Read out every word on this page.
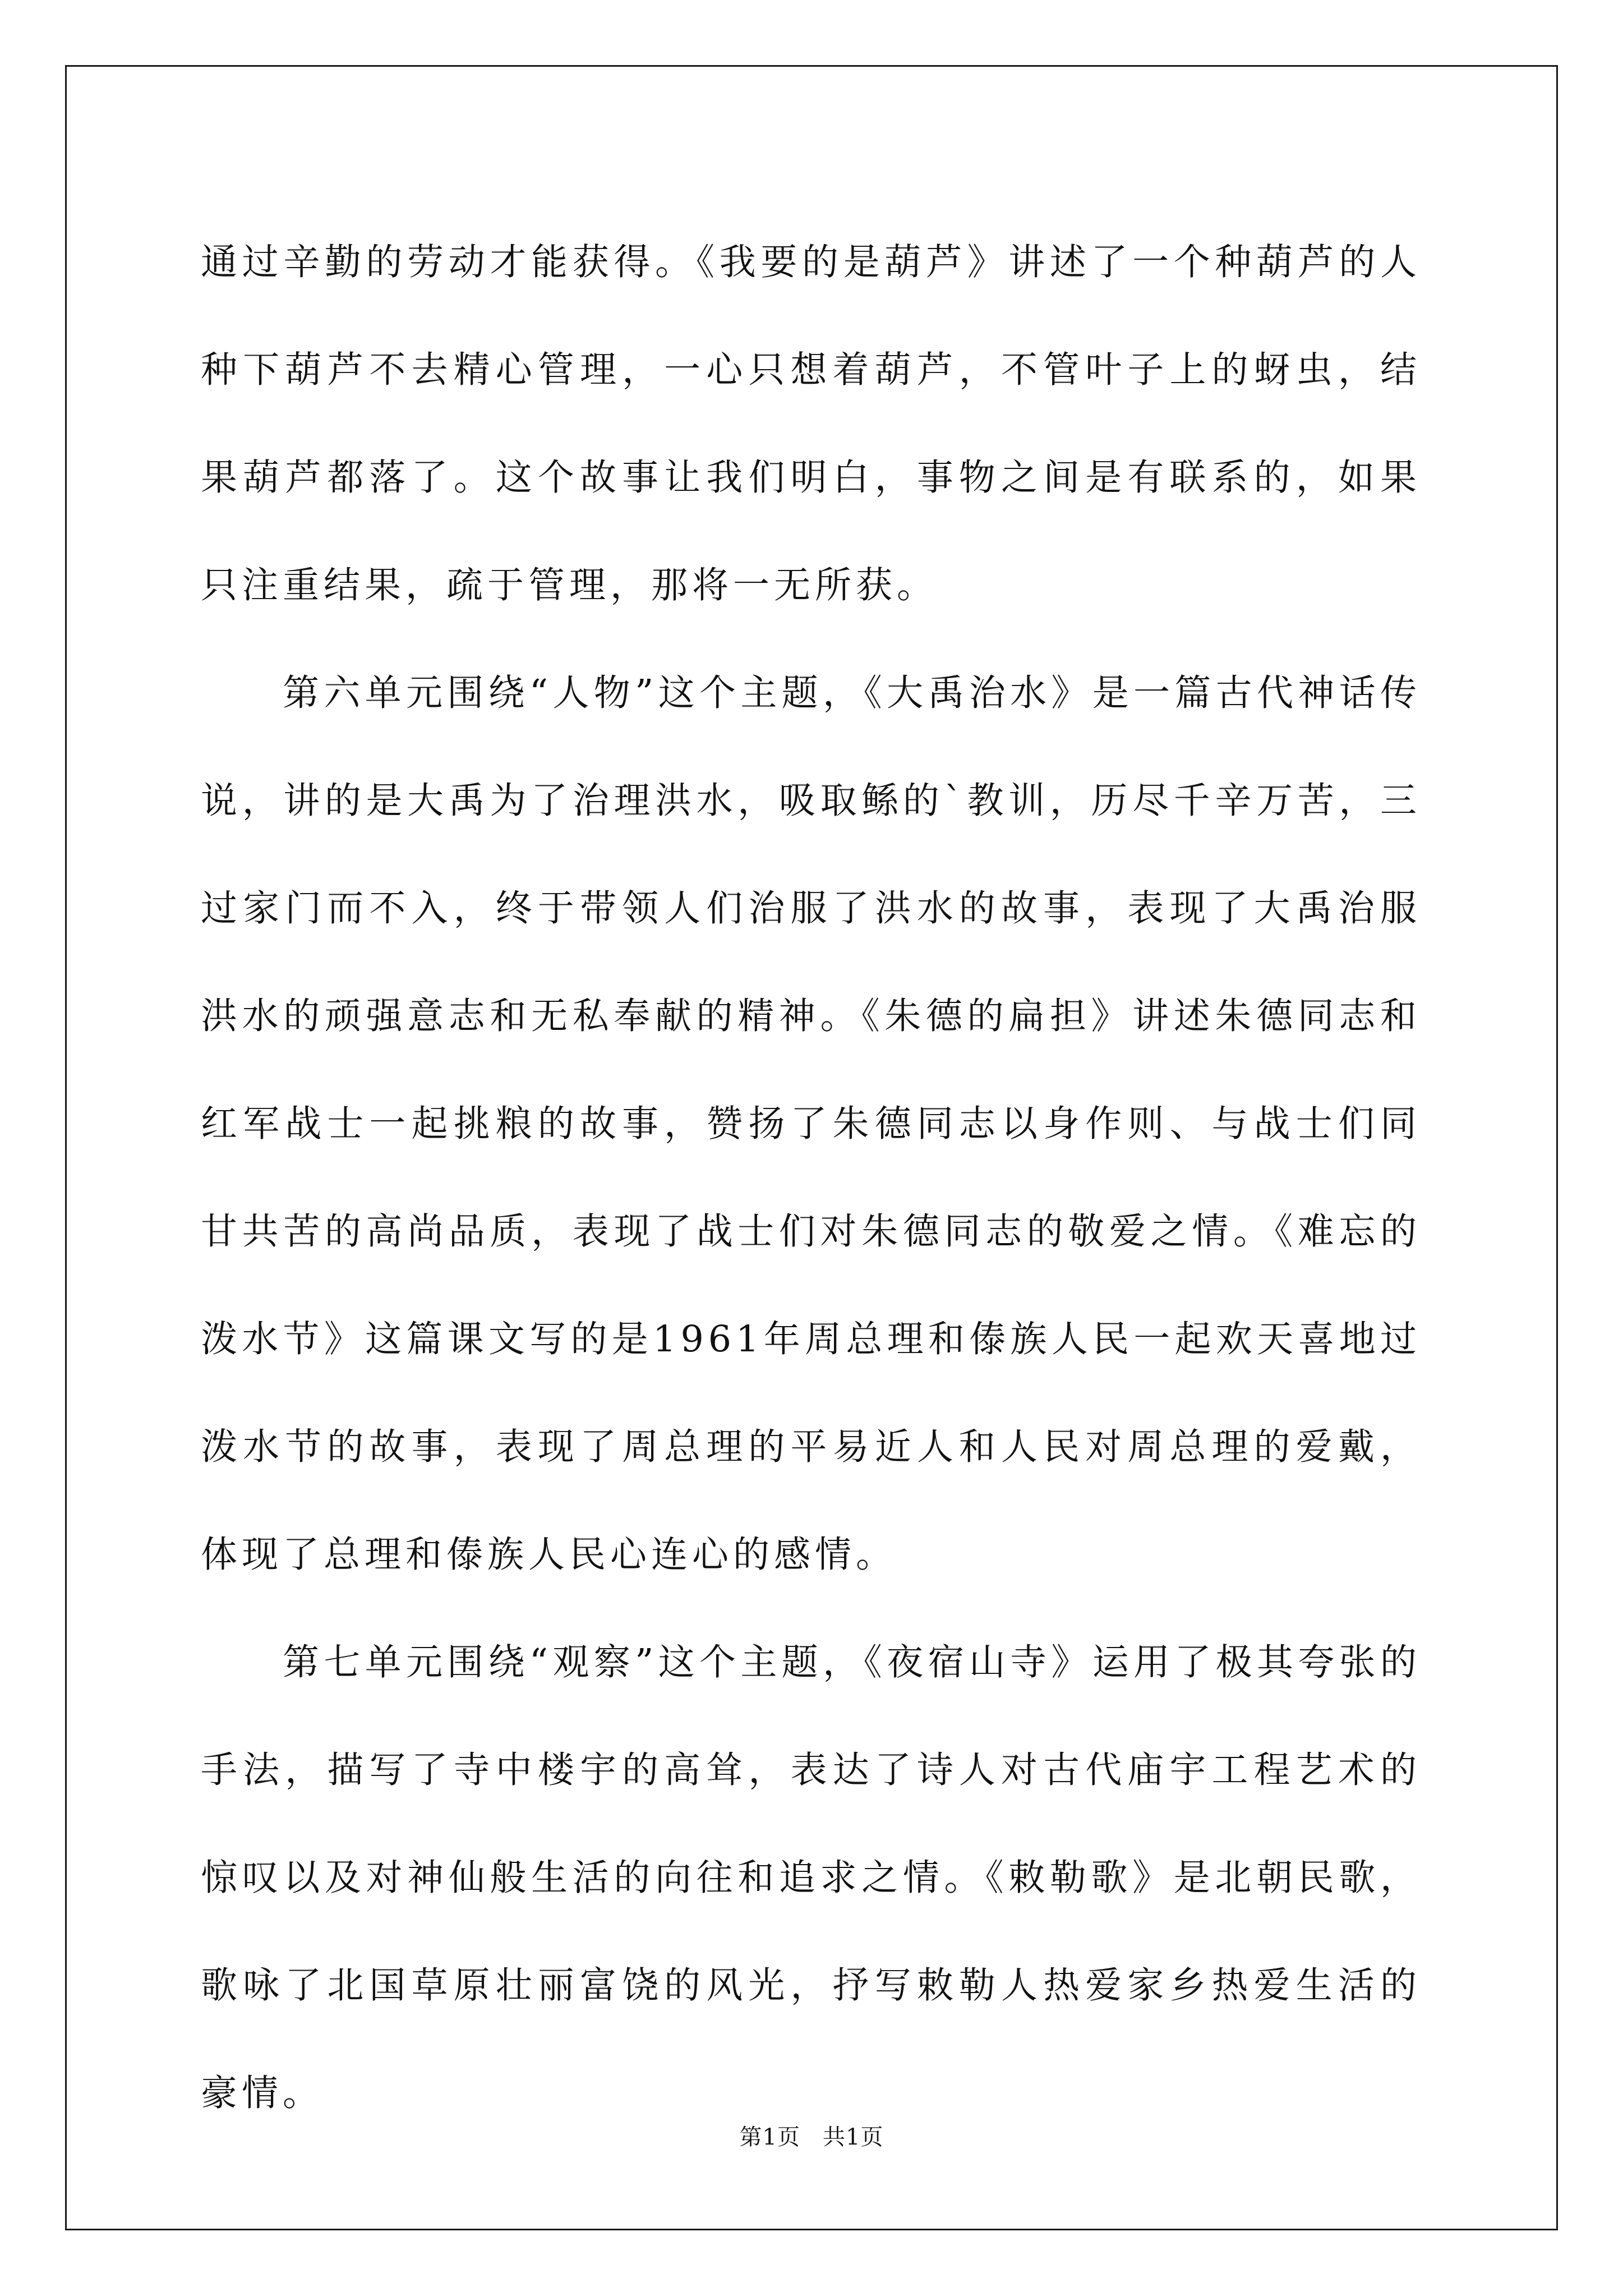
通过辛勤的劳动才能获得。《我要的是葫芦》讲述了一个种葫芦的人种下葫芦不去精心管理，一心只想着葫芦，不管叶子上的蚜虫，结果葫芦都落了。这个故事让我们明白，事物之间是有联系的，如果只注重结果，疏于管理，那将一无所获。

第六单元围绕“人物”这个主题，《大禹治水》是一篇古代神话传说，讲的是大禹为了治理洪水，吸取鲧的`教训，历尽千辛万苦，三过家门而不入，终于带领人们治服了洪水的故事，表现了大禹治服洪水的顽强意志和无私奉献的精神。《朱德的扁担》讲述朱德同志和红军战士一起挑粮的故事，赞扬了朱德同志以身作则、与战士们同甘共苦的高尚品质，表现了战士们对朱德同志的敬爱之情。《难忘的泼水节》这篇课文写的是1961年周总理和傣族人民一起欢天喜地过泼水节的故事，表现了周总理的平易近人和人民对周总理的爱戴，体现了总理和傣族人民心连心的感情。

第七单元围绕“观察”这个主题，《夜宿山寺》运用了极其夸张的手法，描写了寺中楼宇的高耸，表达了诗人对古代庙宇工程艺术的惊叹以及对神仙般生活的向往和追求之情。《敕勒歌》是北朝民歌，歌咏了北国草原壮丽富饶的风光，抒写敕勒人热爱家乡热爱生活的豪情。

第1页 共1页
